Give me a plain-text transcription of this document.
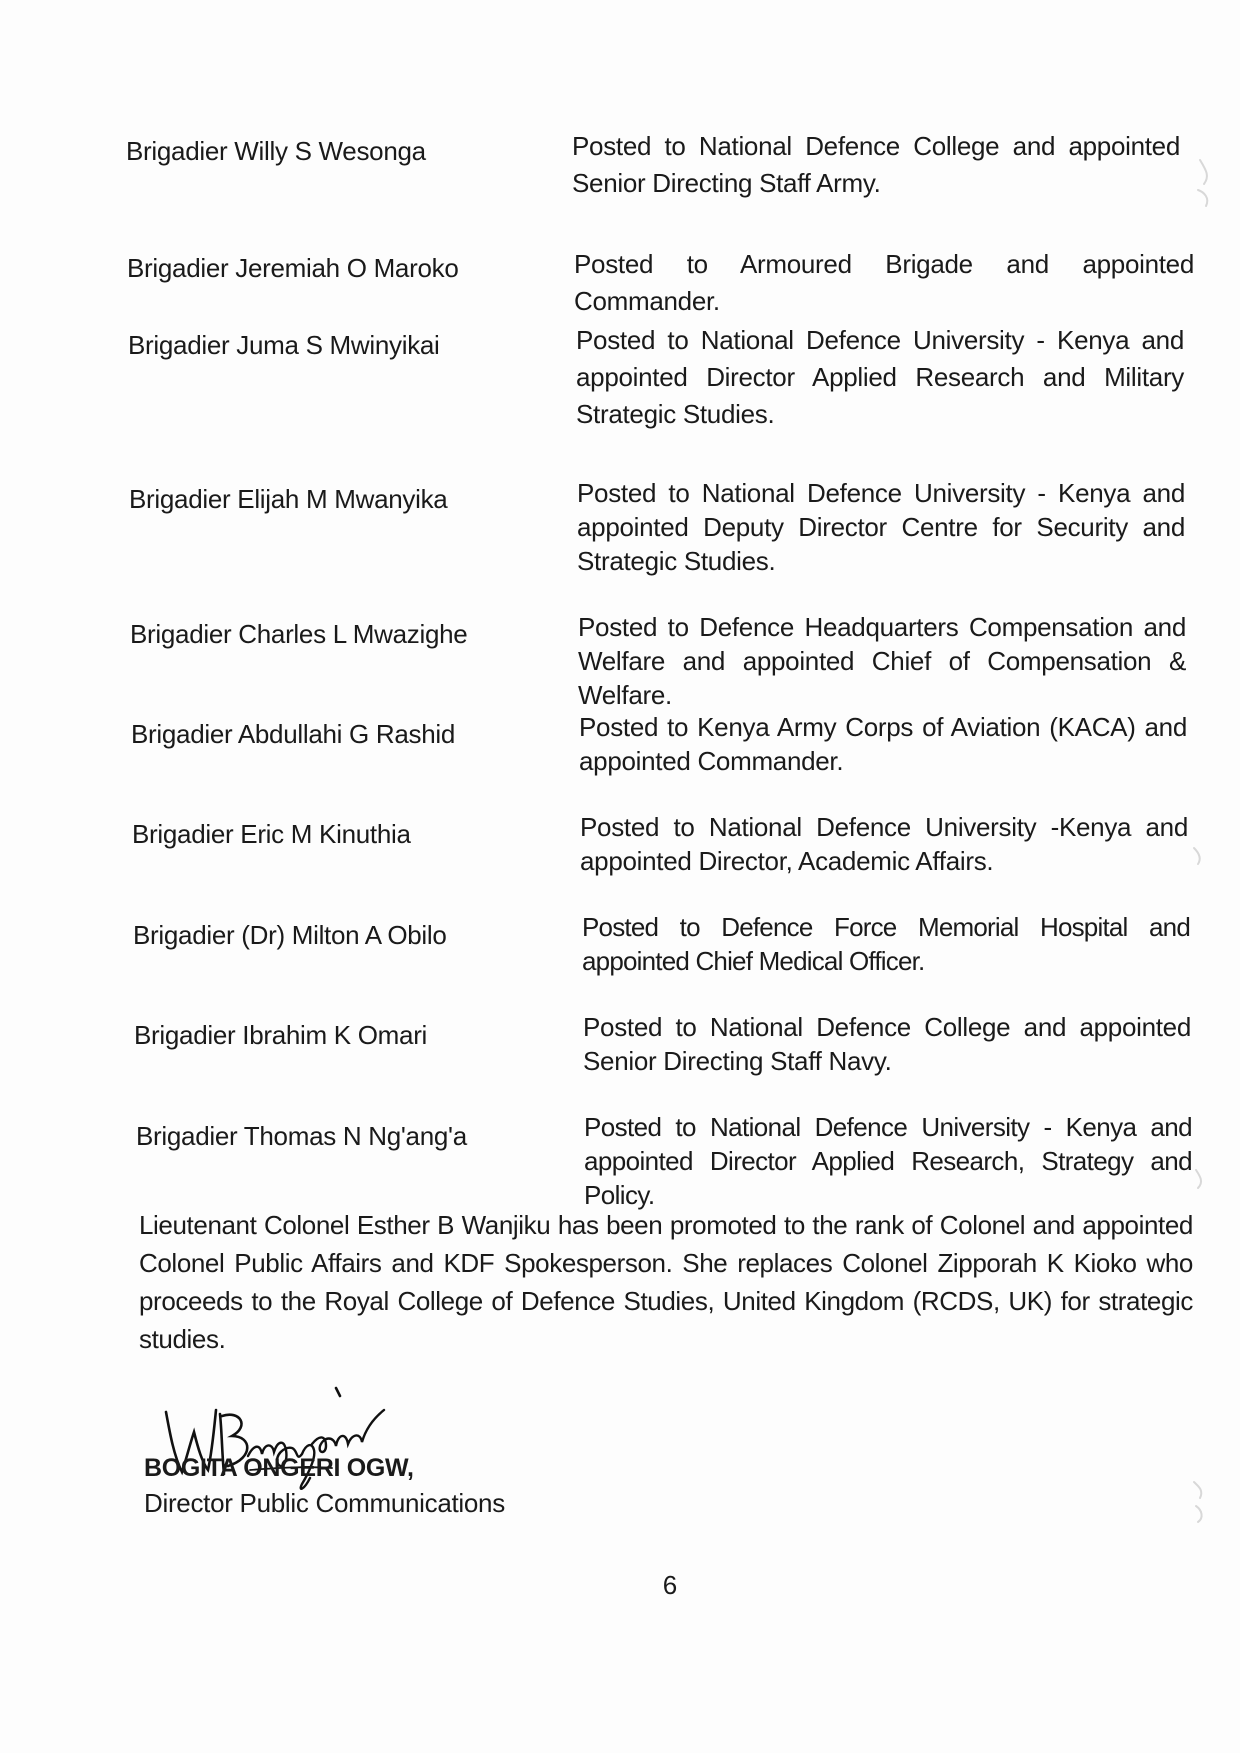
Brigadier Willy S Wesonga	Posted to National Defence College and appointed Senior Directing Staff Army.
Brigadier Jeremiah O Maroko	Posted to Armoured Brigade and appointed Commander.
Brigadier Juma S Mwinyikai	Posted to National Defence University - Kenya and appointed Director Applied Research and Military Strategic Studies.
Brigadier Elijah M Mwanyika	Posted to National Defence University - Kenya and appointed Deputy Director Centre for Security and Strategic Studies.
Brigadier Charles L Mwazighe	Posted to Defence Headquarters Compensation and Welfare and appointed Chief of Compensation & Welfare.
Brigadier Abdullahi G Rashid	Posted to Kenya Army Corps of Aviation (KACA) and appointed Commander.
Brigadier Eric M Kinuthia	Posted to National Defence University -Kenya and appointed Director, Academic Affairs.
Brigadier (Dr) Milton A Obilo	Posted to Defence Force Memorial Hospital and appointed Chief Medical Officer.
Brigadier Ibrahim K Omari	Posted to National Defence College and appointed Senior Directing Staff Navy.
Brigadier Thomas N Ng'ang'a	Posted to National Defence University - Kenya and appointed Director Applied Research, Strategy and Policy.
Lieutenant Colonel Esther B Wanjiku has been promoted to the rank of Colonel and appointed Colonel Public Affairs and KDF Spokesperson. She replaces Colonel Zipporah K Kioko who proceeds to the Royal College of Defence Studies, United Kingdom (RCDS, UK) for strategic studies.
BOGITA ONGERI OGW,
Director Public Communications
6
